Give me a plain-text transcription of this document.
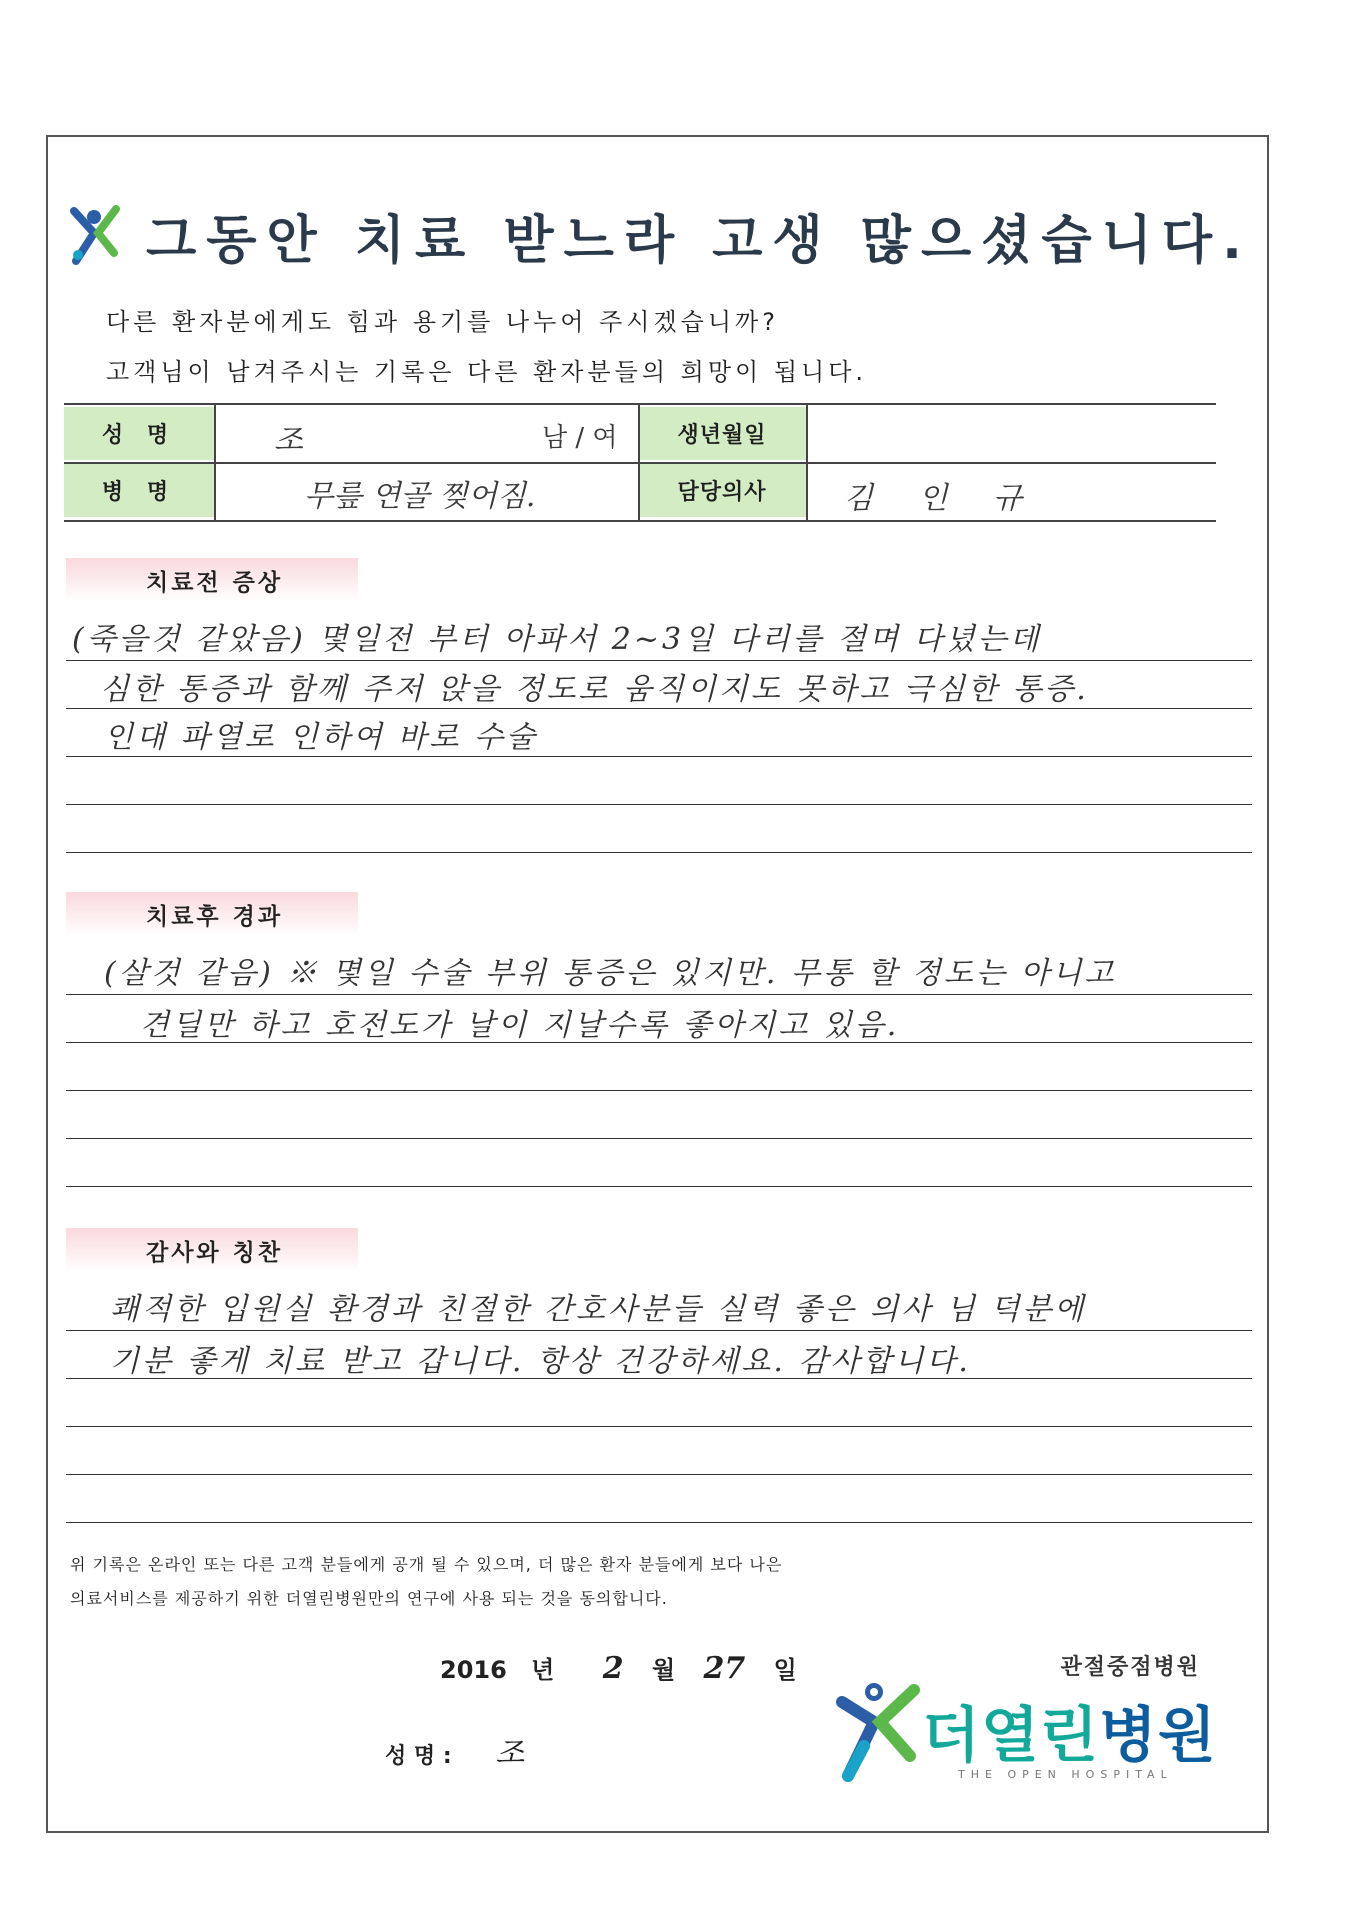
그동안 치료 받느라 고생 많으셨습니다.
다른 환자분에게도 힘과 용기를 나누어 주시겠습니까?
고객님이 남겨주시는 기록은 다른 환자분들의 희망이 됩니다.
성 명
병 명
생년월일
담당의사
조	남 / 여
무릎 연골 찢어짐.	김 인 규
치료전 증상
(죽을것 같았음) 몇일전 부터 아파서 2~3일 다리를 절며 다녔는데
심한 통증과 함께 주저 앉을 정도로 움직이지도 못하고 극심한 통증.
인대 파열로 인하여 바로 수술
치료후 경과
(살것 같음) ※ 몇일 수술 부위 통증은 있지만. 무통 할 정도는 아니고
견딜만 하고 호전도가 날이 지날수록 좋아지고 있음.
감사와 칭찬
쾌적한 입원실 환경과 친절한 간호사분들 실력 좋은 의사 님 덕분에
기분 좋게 치료 받고 갑니다. 항상 건강하세요. 감사합니다.
위 기록은 온라인 또는 다른 고객 분들에게 공개 될 수 있으며, 더 많은 환자 분들에게 보다 나은
의료서비스를 제공하기 위한 더열린병원만의 연구에 사용 되는 것을 동의합니다.
2016 년 2 월 27 일
성 명 : 조
관절중점병원
더열린병원
THE OPEN HOSPITAL
